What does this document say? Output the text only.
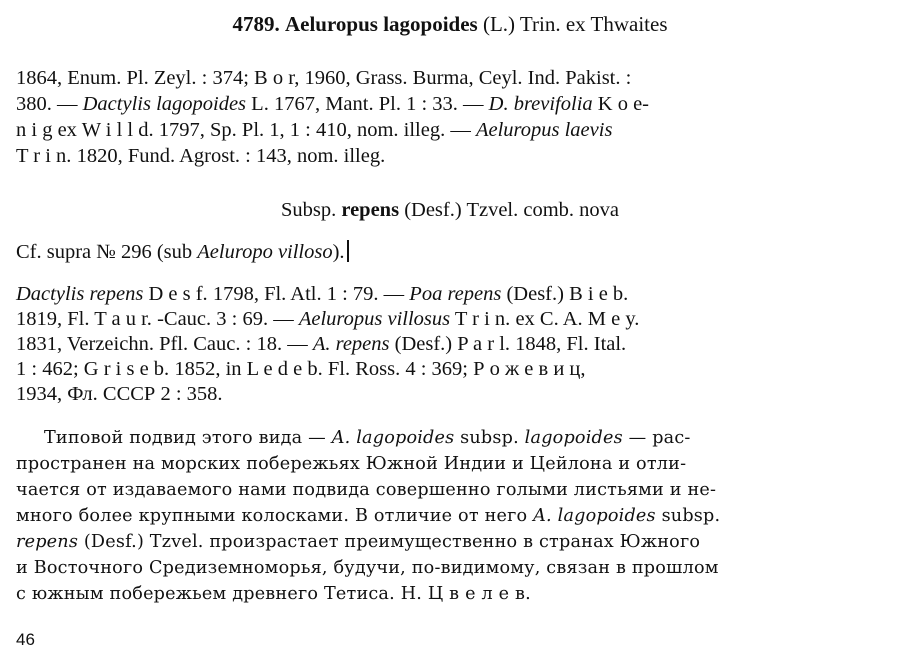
4789. Aeluropus lagopoides (L.) Trin. ex Thwaites
1864, Enum. Pl. Zeyl. : 374; B o r, 1960, Grass. Burma, Ceyl. Ind. Pakist. :
380. — Dactylis lagopoides L. 1767, Mant. Pl. 1 : 33. — D. brevifolia K o e-
n i g ex W i l l d. 1797, Sp. Pl. 1, 1 : 410, nom. illeg. — Aeluropus laevis
T r i n. 1820, Fund. Agrost. : 143, nom. illeg.
Subsp. repens (Desf.) Tzvel. comb. nova
Cf. supra № 296 (sub Aeluropo villoso).
Dactylis repens D e s f. 1798, Fl. Atl. 1 : 79. — Poa repens (Desf.) B i e b.
1819, Fl. T a u r. -Cauc. 3 : 69. — Aeluropus villosus T r i n. ex C. A. M e y.
1831, Verzeichn. Pfl. Cauc. : 18. — A. repens (Desf.) P a r l. 1848, Fl. Ital.
1 : 462; G r i s e b. 1852, in L e d e b. Fl. Ross. 4 : 369; Р о ж е в и ц,
1934, Фл. СССР 2 : 358.
Типовой подвид этого вида — A. lagopoides subsp. lagopoides — рас-
пространен на морских побережьях Южной Индии и Цейлона и отли-
чается от издаваемого нами подвида совершенно голыми листьями и не-
много более крупными колосками. В отличие от него A. lagopoides subsp.
repens (Desf.) Tzvel. произрастает преимущественно в странах Южного
и Восточного Средиземноморья, будучи, по-видимому, связан в прошлом
с южным побережьем древнего Тетиса. Н. Ц в е л е в.
46
